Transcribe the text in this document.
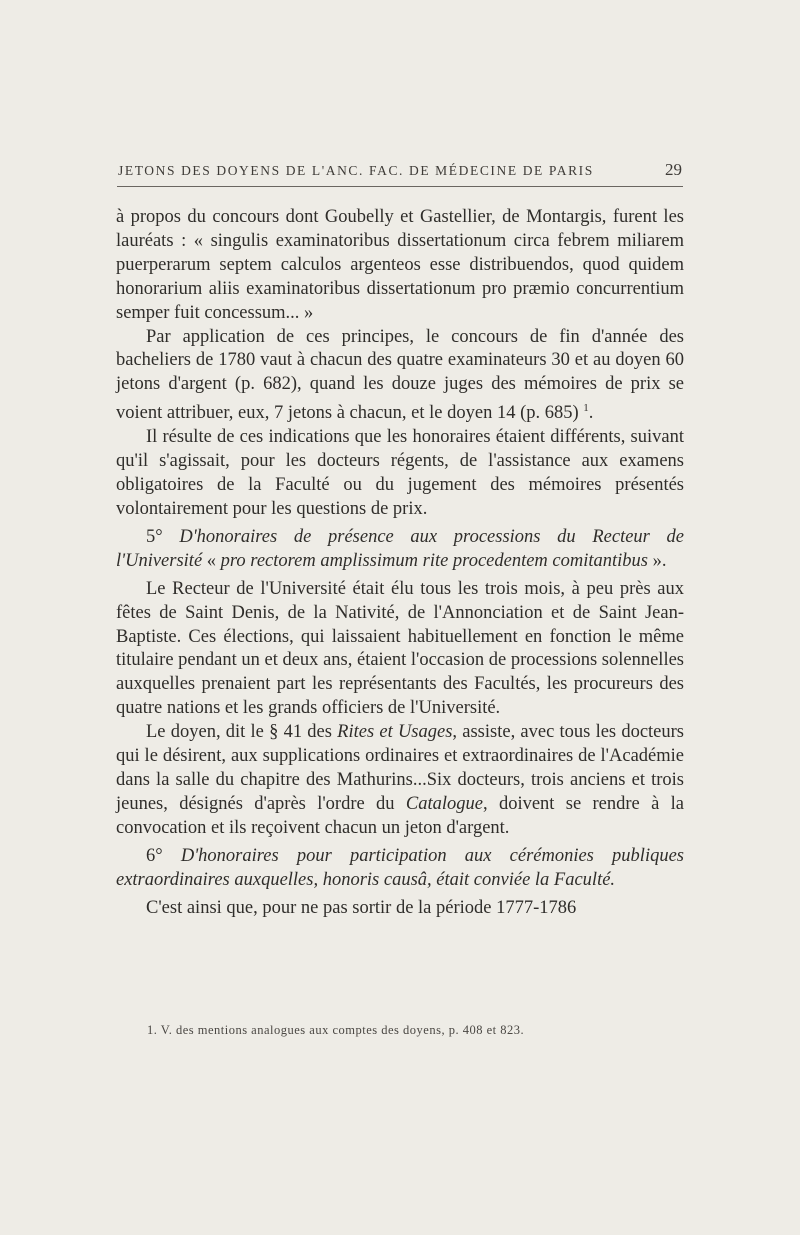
JETONS DES DOYENS DE L'ANC. FAC. DE MÉDECINE DE PARIS	29

à propos du concours dont Goubelly et Gastellier, de Montargis, furent les lauréats : « singulis examinatoribus dissertationum circa febrem miliarem puerperarum septem calculos argenteos esse distribuendos, quod quidem honorarium aliis examinatoribus dissertationum pro præmio concurrentium semper fuit concessum... »

Par application de ces principes, le concours de fin d'année des bacheliers de 1780 vaut à chacun des quatre examinateurs 30 et au doyen 60 jetons d'argent (p. 682), quand les douze juges des mémoires de prix se voient attribuer, eux, 7 jetons à chacun, et le doyen 14 (p. 685) $^1$.

Il résulte de ces indications que les honoraires étaient différents, suivant qu'il s'agissait, pour les docteurs régents, de l'assistance aux examens obligatoires de la Faculté ou du jugement des mémoires présentés volontairement pour les questions de prix.

5° D'honoraires de présence aux processions du Recteur de l'Université « pro rectorem amplissimum rite procedentem comitantibus ».

Le Recteur de l'Université était élu tous les trois mois, à peu près aux fêtes de Saint Denis, de la Nativité, de l'Annonciation et de Saint Jean-Baptiste. Ces élections, qui laissaient habituellement en fonction le même titulaire pendant un et deux ans, étaient l'occasion de processions solennelles auxquelles prenaient part les représentants des Facultés, les procureurs des quatre nations et les grands officiers de l'Université.

Le doyen, dit le § 41 des Rites et Usages, assiste, avec tous les docteurs qui le désirent, aux supplications ordinaires et extraordinaires de l'Académie dans la salle du chapitre des Mathurins...Six docteurs, trois anciens et trois jeunes, désignés d'après l'ordre du Catalogue, doivent se rendre à la convocation et ils reçoivent chacun un jeton d'argent.

6° D'honoraires pour participation aux cérémonies publiques extraordinaires auxquelles, honoris causâ, était conviée la Faculté.

C'est ainsi que, pour ne pas sortir de la période 1777-1786

1. V. des mentions analogues aux comptes des doyens, p. 408 et 823.
